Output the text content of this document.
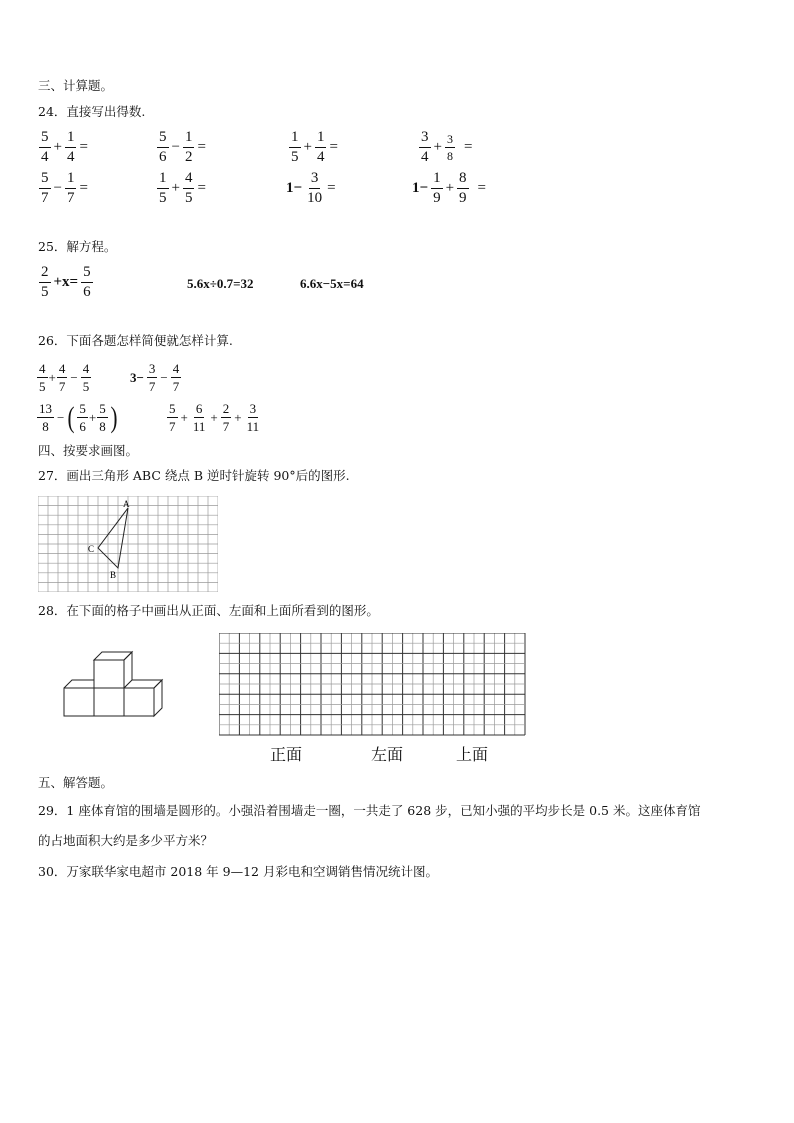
三、计算题。
24．直接写出得数.
$\frac{5}{4} + \frac{1}{4}$ =	$\frac{5}{6} - \frac{1}{2}$ =	$\frac{1}{5} + \frac{1}{4}$ =	$\frac{3}{4} + \frac{3}{8}$ =
$\frac{5}{7} - \frac{1}{7}$ =	$\frac{1}{5} + \frac{4}{5}$ =	$1- \frac{3}{10}$ =	$1- \frac{1}{9} + \frac{8}{9}$ =
25．解方程。
$\frac{2}{5} +x= \frac{5}{6}$	5.6x÷0.7=32	6.6x−5x=64
26．下面各题怎样简便就怎样计算.
$\frac{4}{5} + \frac{4}{7} - \frac{4}{5}$	$3- \frac{3}{7} - \frac{4}{7}$
$\frac{13}{8}$ − ( $\frac{5}{6} + \frac{5}{8}$ )	$\frac{5}{7} + \frac{6}{11} + \frac{2}{7} + \frac{3}{11}$
四、按要求画图。
27．画出三角形 ABC 绕点 B 逆时针旋转 90°后的图形.
A
C
B
28．在下面的格子中画出从正面、左面和上面所看到的图形。
正面	左面	上面
五、解答题。
29．1 座体育馆的围墙是圆形的。小强沿着围墙走一圈，一共走了 628 步，已知小强的平均步长是 0.5 米。这座体育馆
的占地面积大约是多少平方米？
30．万家联华家电超市 2018 年 9—12 月彩电和空调销售情况统计图。
